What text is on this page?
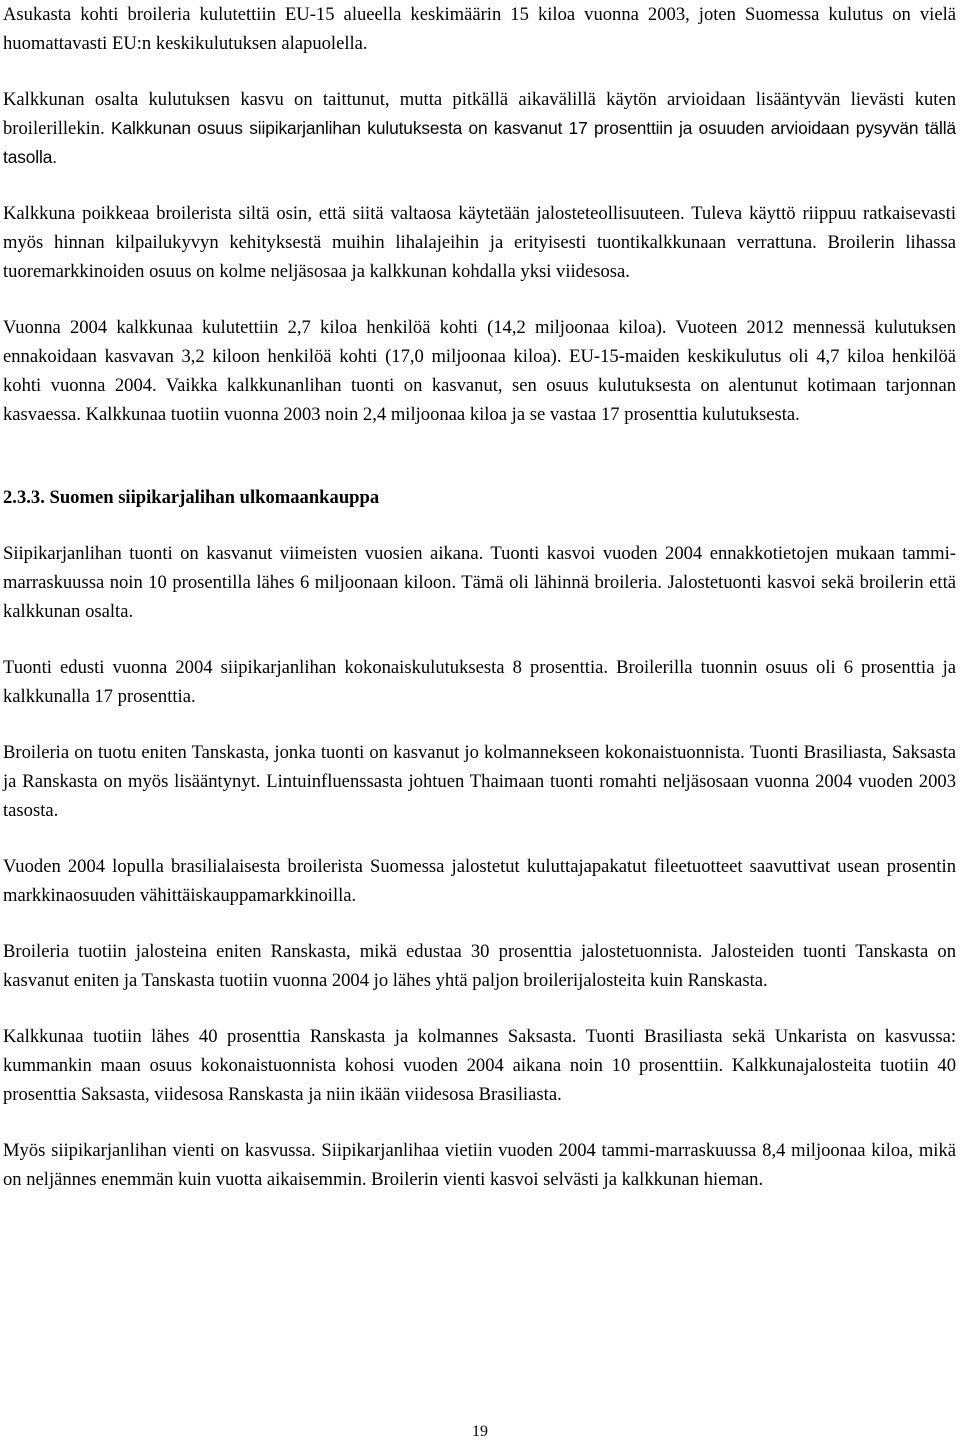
Asukasta kohti broileria kulutettiin EU-15 alueella keskimäärin 15 kiloa vuonna 2003, joten Suomessa kulutus on vielä huomattavasti EU:n keskikulutuksen alapuolella.

Kalkkunan osalta kulutuksen kasvu on taittunut, mutta pitkällä aikavälillä käytön arvioidaan lisääntyvän lievästi kuten broilerillekin. Kalkkunan osuus siipikarjanlihan kulutuksesta on kasvanut 17 prosenttiin ja osuuden arvioidaan pysyvän tällä tasolla.

Kalkkuna poikkeaa broilerista siltä osin, että siitä valtaosa käytetään jalosteteollisuuteen. Tuleva käyttö riippuu ratkaisevasti myös hinnan kilpailukyvyn kehityksestä muihin lihalajeihin ja erityisesti tuontikalkkunaan verrattuna. Broilerin lihassa tuoremarkkinoiden osuus on kolme neljäsosaa ja kalkkunan kohdalla yksi viidesosa.

Vuonna 2004 kalkkunaa kulutettiin 2,7 kiloa henkilöä kohti (14,2 miljoonaa kiloa). Vuoteen 2012 mennessä kulutuksen ennakoidaan kasvavan 3,2 kiloon henkilöä kohti (17,0 miljoonaa kiloa). EU-15-maiden keskikulutus oli 4,7 kiloa henkilöä kohti vuonna 2004. Vaikka kalkkunanlihan tuonti on kasvanut, sen osuus kulutuksesta on alentunut kotimaan tarjonnan kasvaessa. Kalkkunaa tuotiin vuonna 2003 noin 2,4 miljoonaa kiloa ja se vastaa 17 prosenttia kulutuksesta.

2.3.3. Suomen siipikarjalihan ulkomaankauppa

Siipikarjanlihan tuonti on kasvanut viimeisten vuosien aikana. Tuonti kasvoi vuoden 2004 ennakkotietojen mukaan tammi-marraskuussa noin 10 prosentilla lähes 6 miljoonaan kiloon. Tämä oli lähinnä broileria. Jalostetuonti kasvoi sekä broilerin että kalkkunan osalta.

Tuonti edusti vuonna 2004 siipikarjanlihan kokonaiskulutuksesta 8 prosenttia. Broilerilla tuonnin osuus oli 6 prosenttia ja kalkkunalla 17 prosenttia.

Broileria on tuotu eniten Tanskasta, jonka tuonti on kasvanut jo kolmannekseen kokonaistuonnista. Tuonti Brasiliasta, Saksasta ja Ranskasta on myös lisääntynyt. Lintuinfluenssasta johtuen Thaimaan tuonti romahti neljäsosaan vuonna 2004 vuoden 2003 tasosta.

Vuoden 2004 lopulla brasilialaisesta broilerista Suomessa jalostetut kuluttajapakatut fileetuotteet saavuttivat usean prosentin markkinaosuuden vähittäiskauppamarkkinoilla.

Broileria tuotiin jalosteina eniten Ranskasta, mikä edustaa 30 prosenttia jalostetuonnista. Jalosteiden tuonti Tanskasta on kasvanut eniten ja Tanskasta tuotiin vuonna 2004 jo lähes yhtä paljon broilerijalosteita kuin Ranskasta.

Kalkkunaa tuotiin lähes 40 prosenttia Ranskasta ja kolmannes Saksasta. Tuonti Brasiliasta sekä Unkarista on kasvussa: kummankin maan osuus kokonaistuonnista kohosi vuoden 2004 aikana noin 10 prosenttiin. Kalkkunajalosteita tuotiin 40 prosenttia Saksasta, viidesosa Ranskasta ja niin ikään viidesosa Brasiliasta.

Myös siipikarjanlihan vienti on kasvussa. Siipikarjanlihaa vietiin vuoden 2004 tammi-marraskuussa 8,4 miljoonaa kiloa, mikä on neljännes enemmän kuin vuotta aikaisemmin. Broilerin vienti kasvoi selvästi ja kalkkunan hieman.

19
